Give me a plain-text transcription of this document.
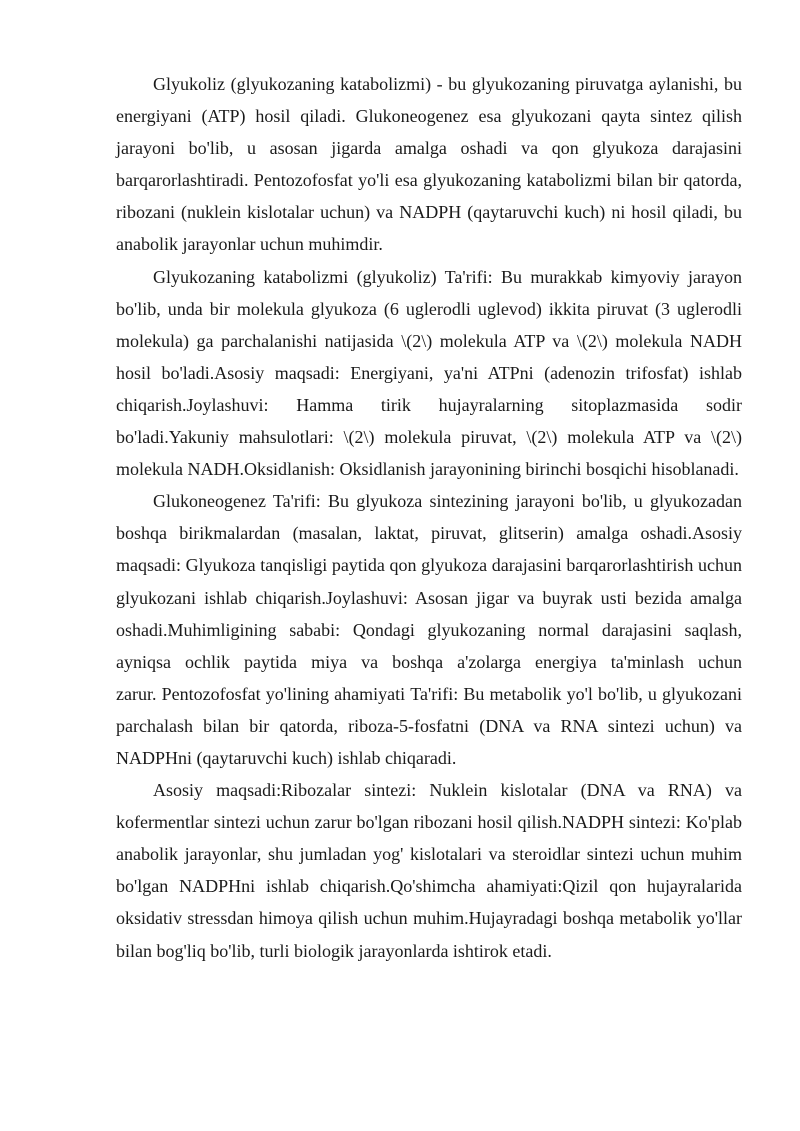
Glyukoliz (glyukozaning katabolizmi) - bu glyukozaning piruvatga aylanishi, bu energiyani (ATP) hosil qiladi. Glukoneogenez esa glyukozani qayta sintez qilish jarayoni bo'lib, u asosan jigarda amalga oshadi va qon glyukoza darajasini barqarorlashtiradi. Pentozofosfat yo'li esa glyukozaning katabolizmi bilan bir qatorda, ribozani (nuklein kislotalar uchun) va NADPH (qaytaruvchi kuch) ni hosil qiladi, bu anabolik jarayonlar uchun muhimdir.

Glyukozaning katabolizmi (glyukoliz) Ta'rifi: Bu murakkab kimyoviy jarayon bo'lib, unda bir molekula glyukoza (6 uglerodli uglevod) ikkita piruvat (3 uglerodli molekula) ga parchalanishi natijasida \(2\) molekula ATP va \(2\) molekula NADH hosil bo'ladi.Asosiy maqsadi: Energiyani, ya'ni ATPni (adenozin trifosfat) ishlab chiqarish.Joylashuvi: Hamma tirik hujayralarning sitoplazmasida sodir bo'ladi.Yakuniy mahsulotlari: \(2\) molekula piruvat, \(2\) molekula ATP va \(2\) molekula NADH.Oksidlanish: Oksidlanish jarayonining birinchi bosqichi hisoblanadi.

Glukoneogenez Ta'rifi: Bu glyukoza sintezining jarayoni bo'lib, u glyukozadan boshqa birikmalardan (masalan, laktat, piruvat, glitserin) amalga oshadi.Asosiy maqsadi: Glyukoza tanqisligi paytida qon glyukoza darajasini barqarorlashtirish uchun glyukozani ishlab chiqarish.Joylashuvi: Asosan jigar va buyrak usti bezida amalga oshadi.Muhimligining sababi: Qondagi glyukozaning normal darajasini saqlash, ayniqsa ochlik paytida miya va boshqa a'zolarga energiya ta'minlash uchun zarur. Pentozofosfat yo'lining ahamiyati Ta'rifi: Bu metabolik yo'l bo'lib, u glyukozani parchalash bilan bir qatorda, riboza-5-fosfatni (DNA va RNA sintezi uchun) va NADPHni (qaytaruvchi kuch) ishlab chiqaradi.

Asosiy maqsadi:Ribozalar sintezi: Nuklein kislotalar (DNA va RNA) va kofermentlar sintezi uchun zarur bo'lgan ribozani hosil qilish.NADPH sintezi: Ko'plab anabolik jarayonlar, shu jumladan yog' kislotalari va steroidlar sintezi uchun muhim bo'lgan NADPHni ishlab chiqarish.Qo'shimcha ahamiyati:Qizil qon hujayralarida oksidativ stressdan himoya qilish uchun muhim.Hujayradagi boshqa metabolik yo'llar bilan bog'liq bo'lib, turli biologik jarayonlarda ishtirok etadi.
